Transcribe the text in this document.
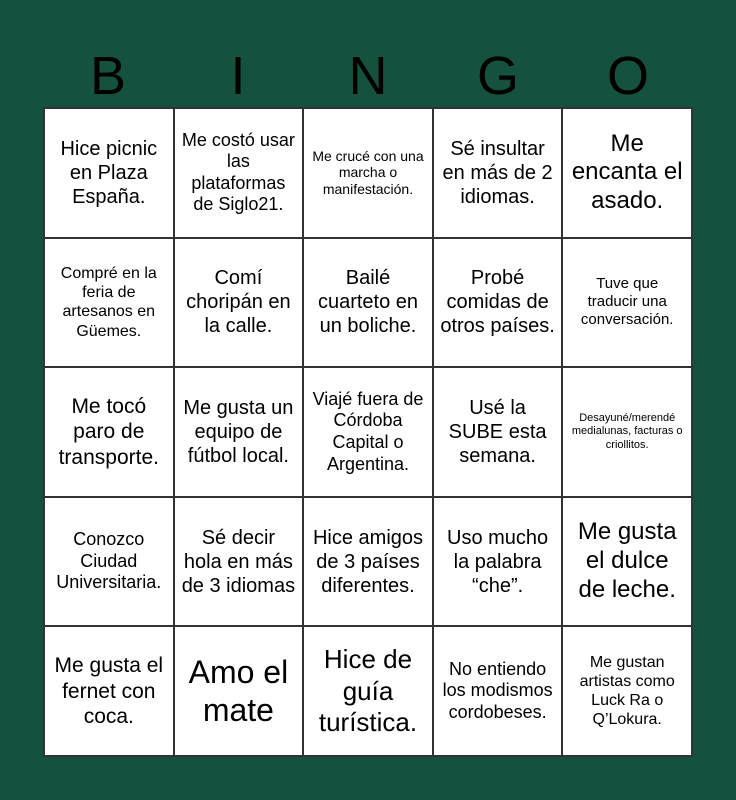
B	I	N	G	O
Hice picnic en Plaza España.
Me costó usar las plataformas de Siglo21.
Me crucé con una marcha o manifestación.
Sé insultar en más de 2 idiomas.
Me encanta el asado.
Compré en la feria de artesanos en Güemes.
Comí choripán en la calle.
Bailé cuarteto en un boliche.
Probé comidas de otros países.
Tuve que traducir una conversación.
Me tocó paro de transporte.
Me gusta un equipo de fútbol local.
Viajé fuera de Córdoba Capital o Argentina.
Usé la SUBE esta semana.
Desayuné/merendé medialunas, facturas o criollitos.
Conozco Ciudad Universitaria.
Sé decir hola en más de 3 idiomas
Hice amigos de 3 países diferentes.
Uso mucho la palabra “che”.
Me gusta el dulce de leche.
Me gusta el fernet con coca.
Amo el mate
Hice de guía turística.
No entiendo los modismos cordobeses.
Me gustan artistas como Luck Ra o Q’Lokura.
